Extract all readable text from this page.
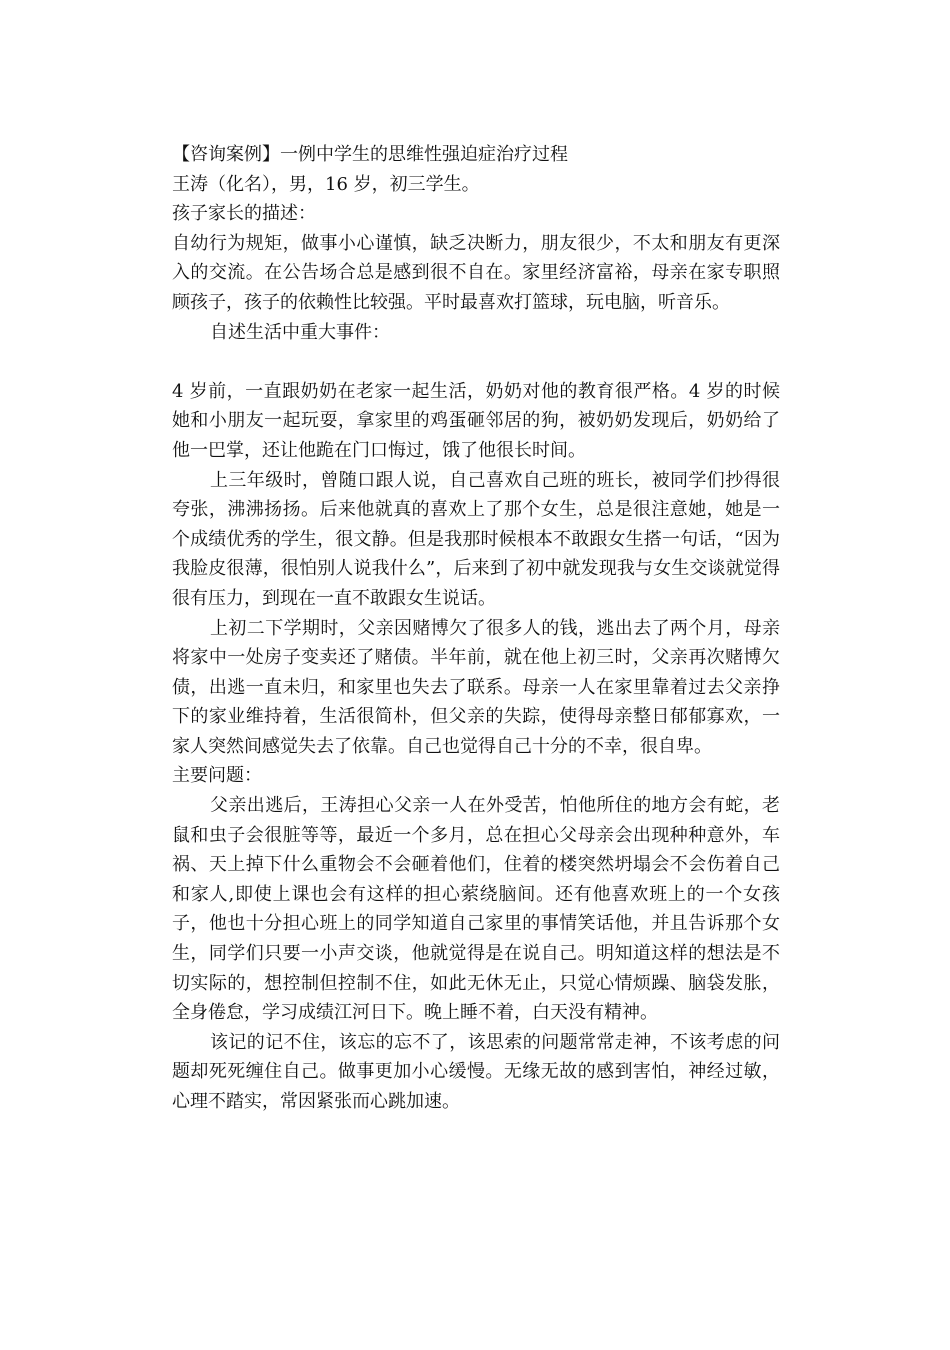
【咨询案例】一例中学生的思维性强迫症治疗过程

王涛（化名），男，16 岁，初三学生。

孩子家长的描述：

自幼行为规矩，做事小心谨慎，缺乏决断力，朋友很少，不太和朋友有更深入的交流。在公告场合总是感到很不自在。家里经济富裕，母亲在家专职照顾孩子，孩子的依赖性比较强。平时最喜欢打篮球，玩电脑，听音乐。

自述生活中重大事件：

4 岁前，一直跟奶奶在老家一起生活，奶奶对他的教育很严格。4 岁的时候她和小朋友一起玩耍，拿家里的鸡蛋砸邻居的狗，被奶奶发现后，奶奶给了他一巴掌，还让他跪在门口悔过，饿了他很长时间。

上三年级时，曾随口跟人说，自己喜欢自己班的班长，被同学们抄得很夸张，沸沸扬扬。后来他就真的喜欢上了那个女生，总是很注意她，她是一个成绩优秀的学生，很文静。但是我那时候根本不敢跟女生搭一句话，“因为我脸皮很薄，很怕别人说我什么”，后来到了初中就发现我与女生交谈就觉得很有压力，到现在一直不敢跟女生说话。

上初二下学期时，父亲因赌博欠了很多人的钱，逃出去了两个月，母亲将家中一处房子变卖还了赌债。半年前，就在他上初三时，父亲再次赌博欠债，出逃一直未归，和家里也失去了联系。母亲一人在家里靠着过去父亲挣下的家业维持着，生活很简朴，但父亲的失踪，使得母亲整日郁郁寡欢，一家人突然间感觉失去了依靠。自己也觉得自己十分的不幸，很自卑。

主要问题：

父亲出逃后，王涛担心父亲一人在外受苦，怕他所住的地方会有蛇，老鼠和虫子会很脏等等，最近一个多月，总在担心父母亲会出现种种意外，车祸、天上掉下什么重物会不会砸着他们，住着的楼突然坍塌会不会伤着自己和家人,即使上课也会有这样的担心萦绕脑间。还有他喜欢班上的一个女孩子，他也十分担心班上的同学知道自己家里的事情笑话他，并且告诉那个女生，同学们只要一小声交谈，他就觉得是在说自己。明知道这样的想法是不切实际的，想控制但控制不住，如此无休无止，只觉心情烦躁、脑袋发胀，全身倦怠，学习成绩江河日下。晚上睡不着，白天没有精神。

该记的记不住，该忘的忘不了，该思索的问题常常走神，不该考虑的问题却死死缠住自己。做事更加小心缓慢。无缘无故的感到害怕，神经过敏，心理不踏实，常因紧张而心跳加速。
